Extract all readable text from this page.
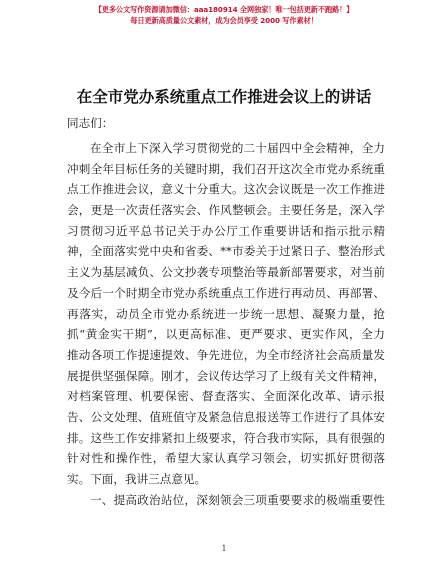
【更多公文写作资源请加微信：aaa180914 全网独家！唯一包括更新不跑路！】
每日更新高质量公文素材，成为会员享受 2000 写作素材！
在全市党办系统重点工作推进会议上的讲话
同志们：
在全市上下深入学习贯彻党的二十届四中全会精神，全力
冲刺全年目标任务的关键时期，我们召开这次全市党办系统重
点工作推进会议，意义十分重大。这次会议既是一次工作推进
会，更是一次责任落实会、作风整顿会。主要任务是，深入学
习贯彻习近平总书记关于办公厅工作重要讲话和指示批示精
神，全面落实党中央和省委、**市委关于过紧日子、整治形式
主义为基层减负、公文抄袭专项整治等最新部署要求，对当前
及今后一个时期全市党办系统重点工作进行再动员、再部署、
再落实，动员全市党办系统进一步统一思想、凝聚力量，抢
抓“黄金实干期”，以更高标准、更严要求、更实作风，全力
推动各项工作提速提效、争先进位，为全市经济社会高质量发
展提供坚强保障。刚才，会议传达学习了上级有关文件精神，
对档案管理、机要保密、督查落实、全面深化改革、请示报
告、公文处理、值班值守及紧急信息报送等工作进行了具体安
排。这些工作安排紧扣上级要求，符合我市实际，具有很强的
针对性和操作性，希望大家认真学习领会，切实抓好贯彻落
实。下面，我讲三点意见。
一、提高政治站位，深刻领会三项重要要求的极端重要性
1
